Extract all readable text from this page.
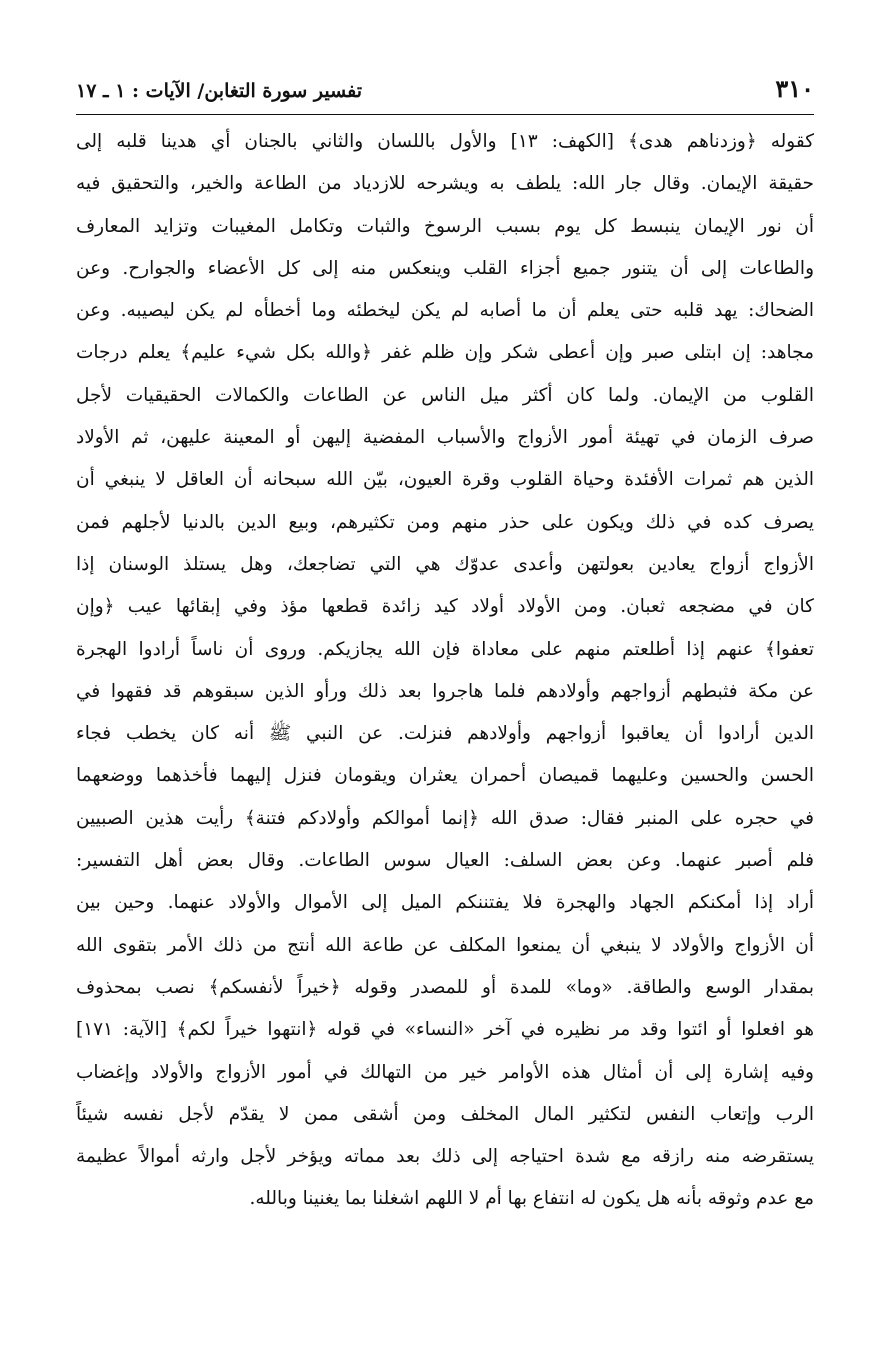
٣١٠
تفسير سورة التغابن/ الآيات : ١ ـ ١٧
كقوله ﴿وزدناهم هدى﴾ [الكهف: ١٣] والأول باللسان والثاني بالجنان أي هدينا قلبه إلى
حقيقة الإيمان. وقال جار الله: يلطف به ويشرحه للازدياد من الطاعة والخير، والتحقيق فيه
أن نور الإيمان ينبسط كل يوم بسبب الرسوخ والثبات وتكامل المغيبات وتزايد المعارف
والطاعات إلى أن يتنور جميع أجزاء القلب وينعكس منه إلى كل الأعضاء والجوارح. وعن
الضحاك: يهد قلبه حتى يعلم أن ما أصابه لم يكن ليخطئه وما أخطأه لم يكن ليصيبه. وعن
مجاهد: إن ابتلى صبر وإن أعطى شكر وإن ظلم غفر ﴿والله بكل شيء عليم﴾ يعلم درجات
القلوب من الإيمان. ولما كان أكثر ميل الناس عن الطاعات والكمالات الحقيقيات لأجل
صرف الزمان في تهيئة أمور الأزواج والأسباب المفضية إليهن أو المعينة عليهن، ثم الأولاد
الذين هم ثمرات الأفئدة وحياة القلوب وقرة العيون، بيّن الله سبحانه أن العاقل لا ينبغي أن
يصرف كده في ذلك ويكون على حذر منهم ومن تكثيرهم، وبيع الدين بالدنيا لأجلهم فمن
الأزواج أزواج يعادين بعولتهن وأعدى عدوّك هي التي تضاجعك، وهل يستلذ الوسنان إذا
كان في مضجعه ثعبان. ومن الأولاد أولاد كيد زائدة قطعها مؤذ وفي إبقائها عيب ﴿وإن
تعفوا﴾ عنهم إذا أطلعتم منهم على معاداة فإن الله يجازيكم. وروى أن ناساً أرادوا الهجرة
عن مكة فثبطهم أزواجهم وأولادهم فلما هاجروا بعد ذلك ورأو الذين سبقوهم قد فقهوا في
الدين أرادوا أن يعاقبوا أزواجهم وأولادهم فنزلت. عن النبي ﷺ أنه كان يخطب فجاء
الحسن والحسين وعليهما قميصان أحمران يعثران ويقومان فنزل إليهما فأخذهما ووضعهما
في حجره على المنبر فقال: صدق الله ﴿إنما أموالكم وأولادكم فتنة﴾ رأيت هذين الصبيين
فلم أصبر عنهما. وعن بعض السلف: العيال سوس الطاعات. وقال بعض أهل التفسير:
أراد إذا أمكنكم الجهاد والهجرة فلا يفتننكم الميل إلى الأموال والأولاد عنهما. وحين بين
أن الأزواج والأولاد لا ينبغي أن يمنعوا المكلف عن طاعة الله أنتج من ذلك الأمر بتقوى الله
بمقدار الوسع والطاقة. «وما» للمدة أو للمصدر وقوله ﴿خيراً لأنفسكم﴾ نصب بمحذوف
هو افعلوا أو ائتوا وقد مر نظيره في آخر «النساء» في قوله ﴿انتهوا خيراً لكم﴾ [الآية: ١٧١]
وفيه إشارة إلى أن أمثال هذه الأوامر خير من التهالك في أمور الأزواج والأولاد وإغضاب
الرب وإتعاب النفس لتكثير المال المخلف ومن أشقى ممن لا يقدّم لأجل نفسه شيئاً
يستقرضه منه رازقه مع شدة احتياجه إلى ذلك بعد مماته ويؤخر لأجل وارثه أموالاً عظيمة
مع عدم وثوقه بأنه هل يكون له انتفاع بها أم لا اللهم اشغلنا بما يغنينا وبالله.
